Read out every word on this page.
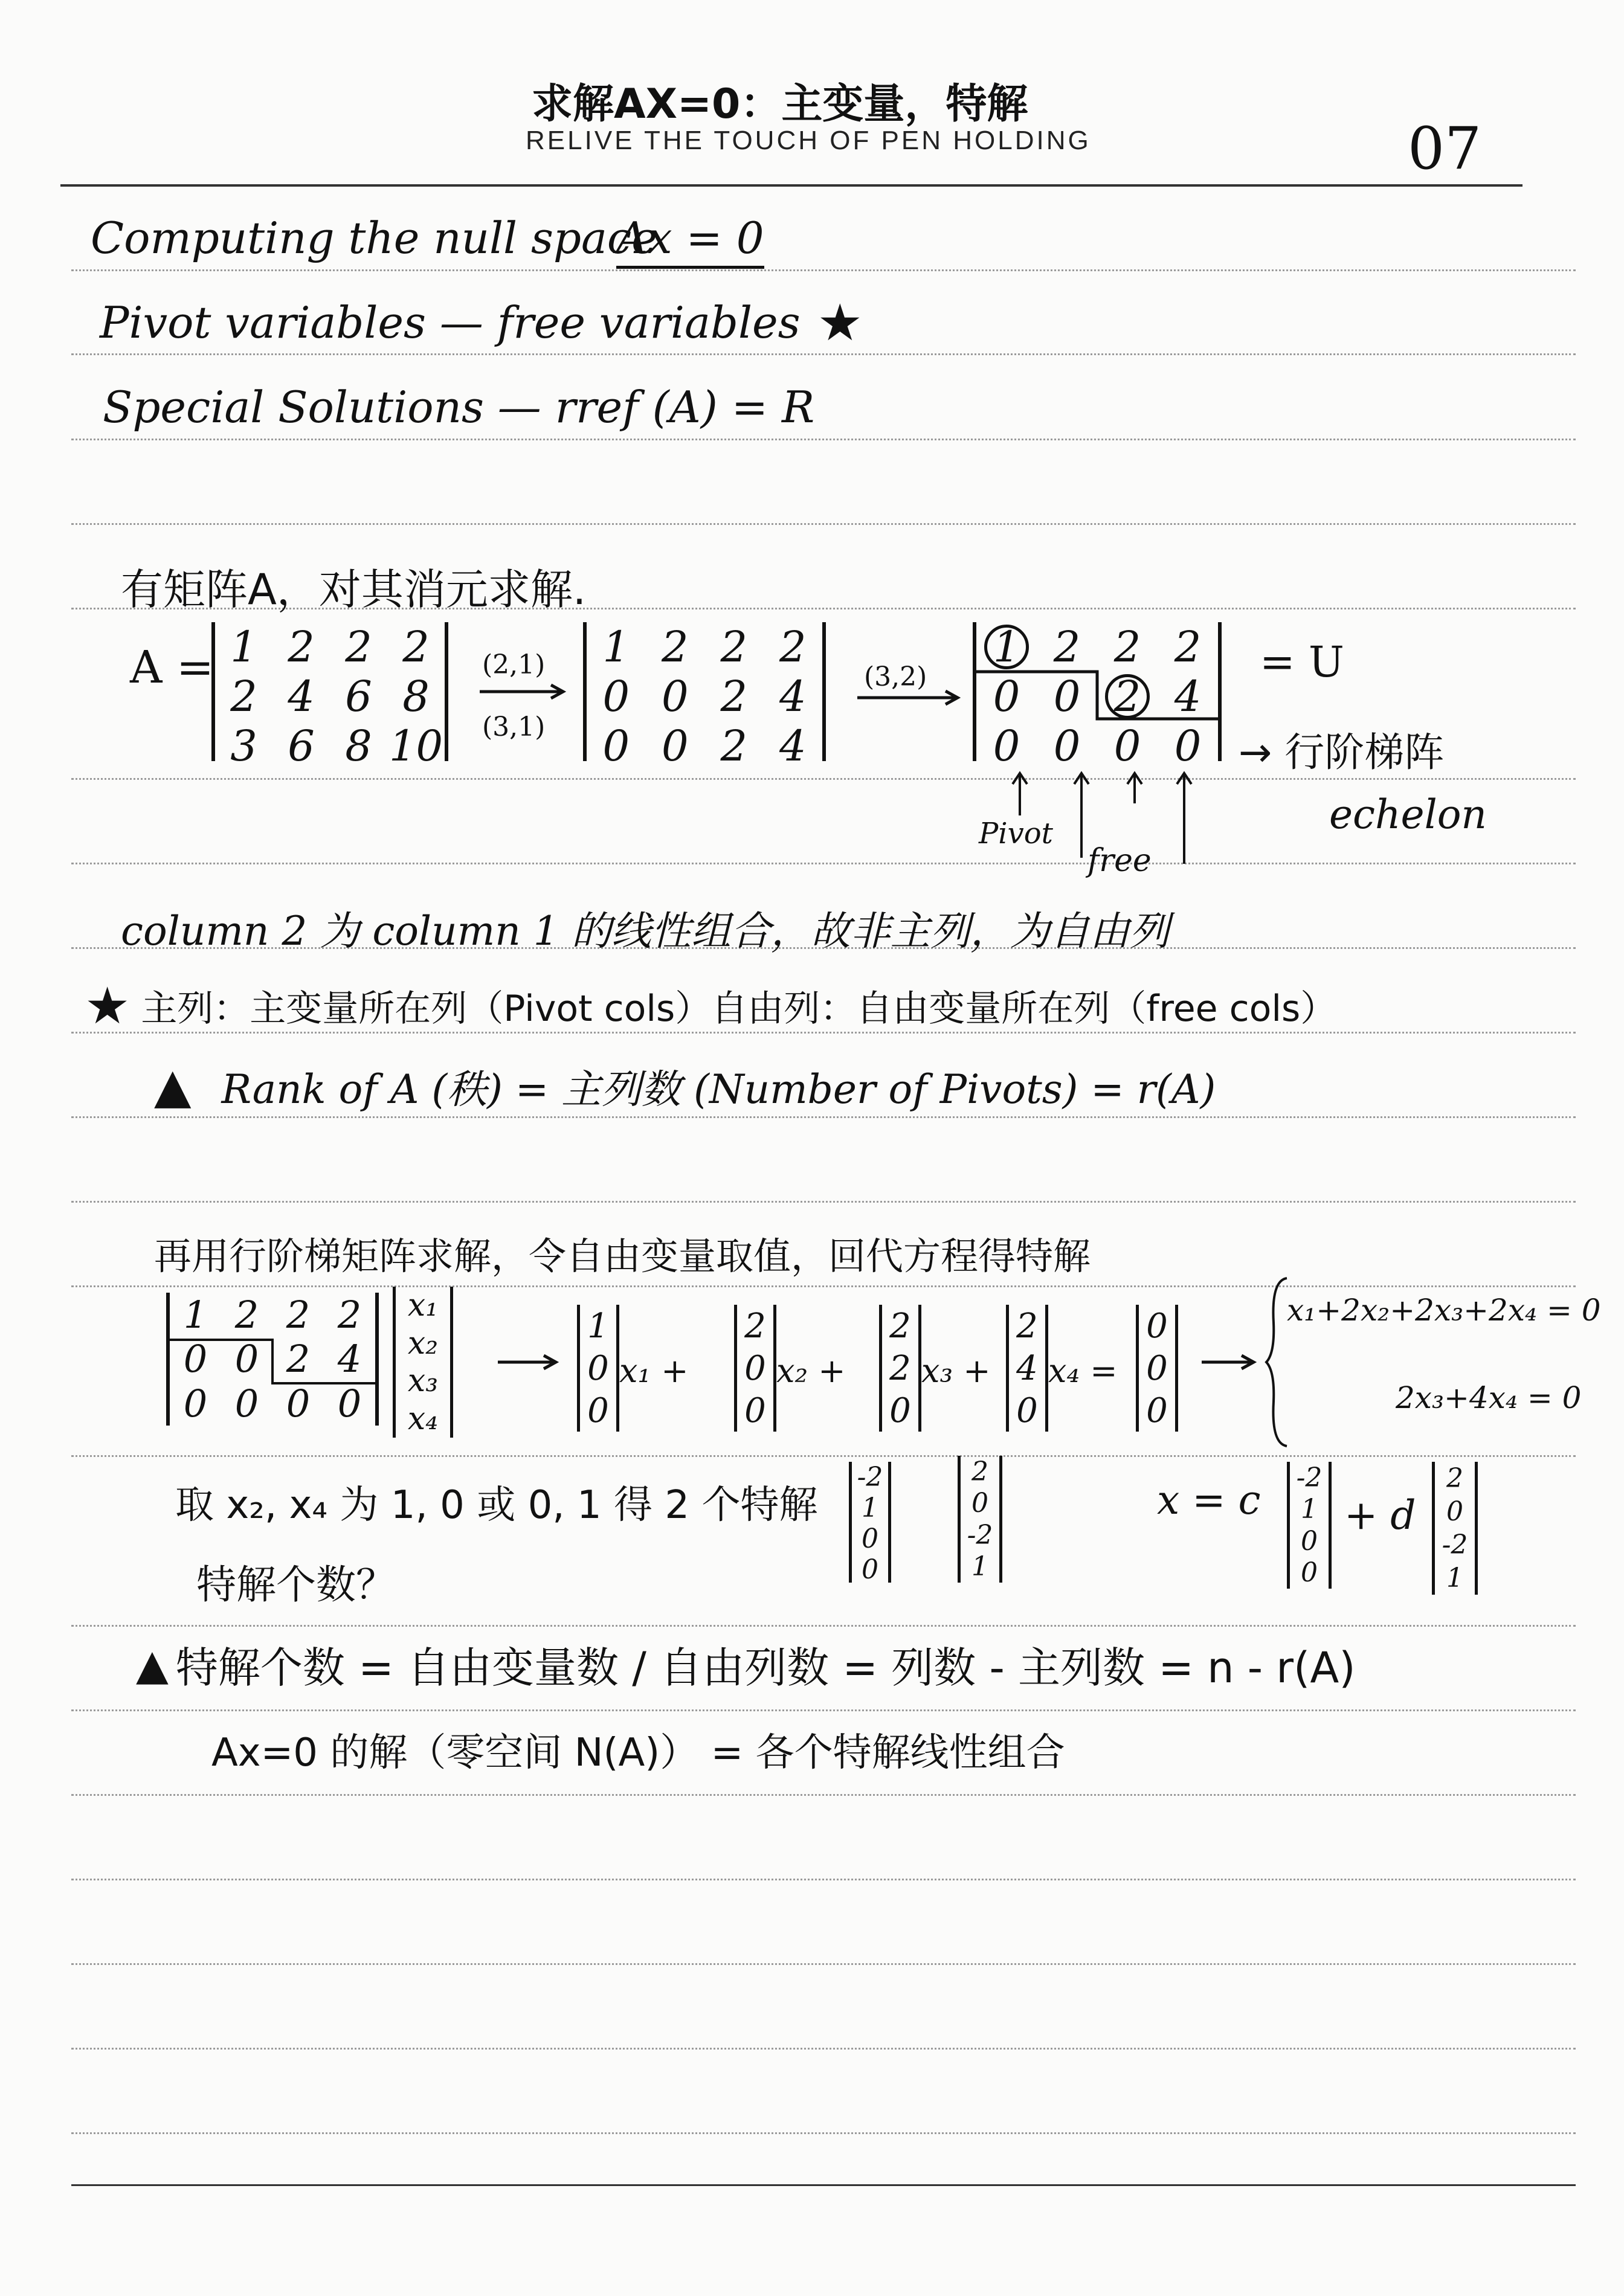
求解AX=0：主变量，特解
RELIVE THE TOUCH OF PEN HOLDING	07
Computing the null space
Ax = 0
Pivot variables — free variables ★
Special Solutions — rref (A) = R
有矩阵A，对其消元求解.
A = 1 2 2 2
2 4 6 8
3 6 8 10
(2,1)
(3,1)
1 2 2 2
0 0 2 4
0 0 2 4
(3,2)
1 2 2 2
0 0 2 4
0 0 0 0
= U
→ 行阶梯阵
echelon
Pivot
free
column 2 为 column 1 的线性组合，故非主列，为自由列
★ 主列：主变量所在列（Pivot cols）自由列：自由变量所在列（free cols）
▲ Rank of A (秩) = 主列数 (Number of Pivots) = r(A)
再用行阶梯矩阵求解，令自由变量取值，回代方程得特解
1 2 2 2
0 0 2 4
0 0 0 0
x₁
x₂
x₃
x₄
1
0
0
x₁ +
2
0
0
x₂ +
2
2
0
x₃ +
2
4
0
x₄ =
0
0
0
x₁+2x₂+2x₃+2x₄ = 0
2x₃+4x₄ = 0
取 x₂, x₄ 为 1, 0 或 0, 1 得 2 个特解
-2
1
0
0
2
0
-2
1
x = c -2
1
0
0
+ d
2
0
-2
1
特解个数？
▲ 特解个数 = 自由变量数 / 自由列数 = 列数 - 主列数 = n - r(A)
Ax=0 的解（零空间 N(A)） = 各个特解线性组合
